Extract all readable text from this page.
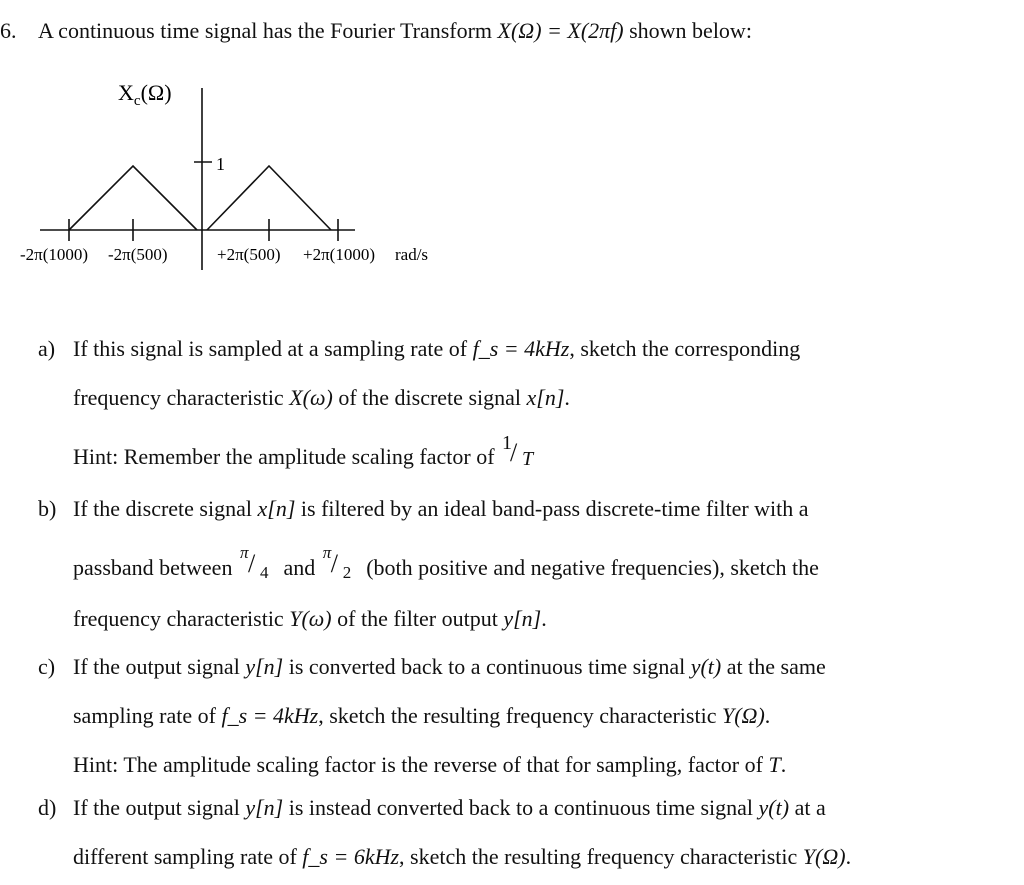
6. A continuous time signal has the Fourier Transform X(Ω) = X(2πf) shown below:
$X_c(\Omega)$
1
-2π(1000) -2π(500)	+2π(500) +2π(1000) rad/s
a) If this signal is sampled at a sampling rate of f_s = 4kHz, sketch the corresponding
frequency characteristic X(ω) of the discrete signal x[n].
Hint: Remember the amplitude scaling factor of
1
/ T
b) If the discrete signal x[n] is filtered by an ideal band-pass discrete-time filter with a
passband between
π / 4 and
π / 2 (both positive and negative frequencies), sketch the
frequency characteristic Y(ω) of the filter output y[n].
c) If the output signal y[n] is converted back to a continuous time signal y(t) at the same
sampling rate of f_s = 4kHz, sketch the resulting frequency characteristic Y(Ω).
Hint: The amplitude scaling factor is the reverse of that for sampling, factor of T.
d) If the output signal y[n] is instead converted back to a continuous time signal y(t) at a
different sampling rate of f_s = 6kHz, sketch the resulting frequency characteristic Y(Ω).
